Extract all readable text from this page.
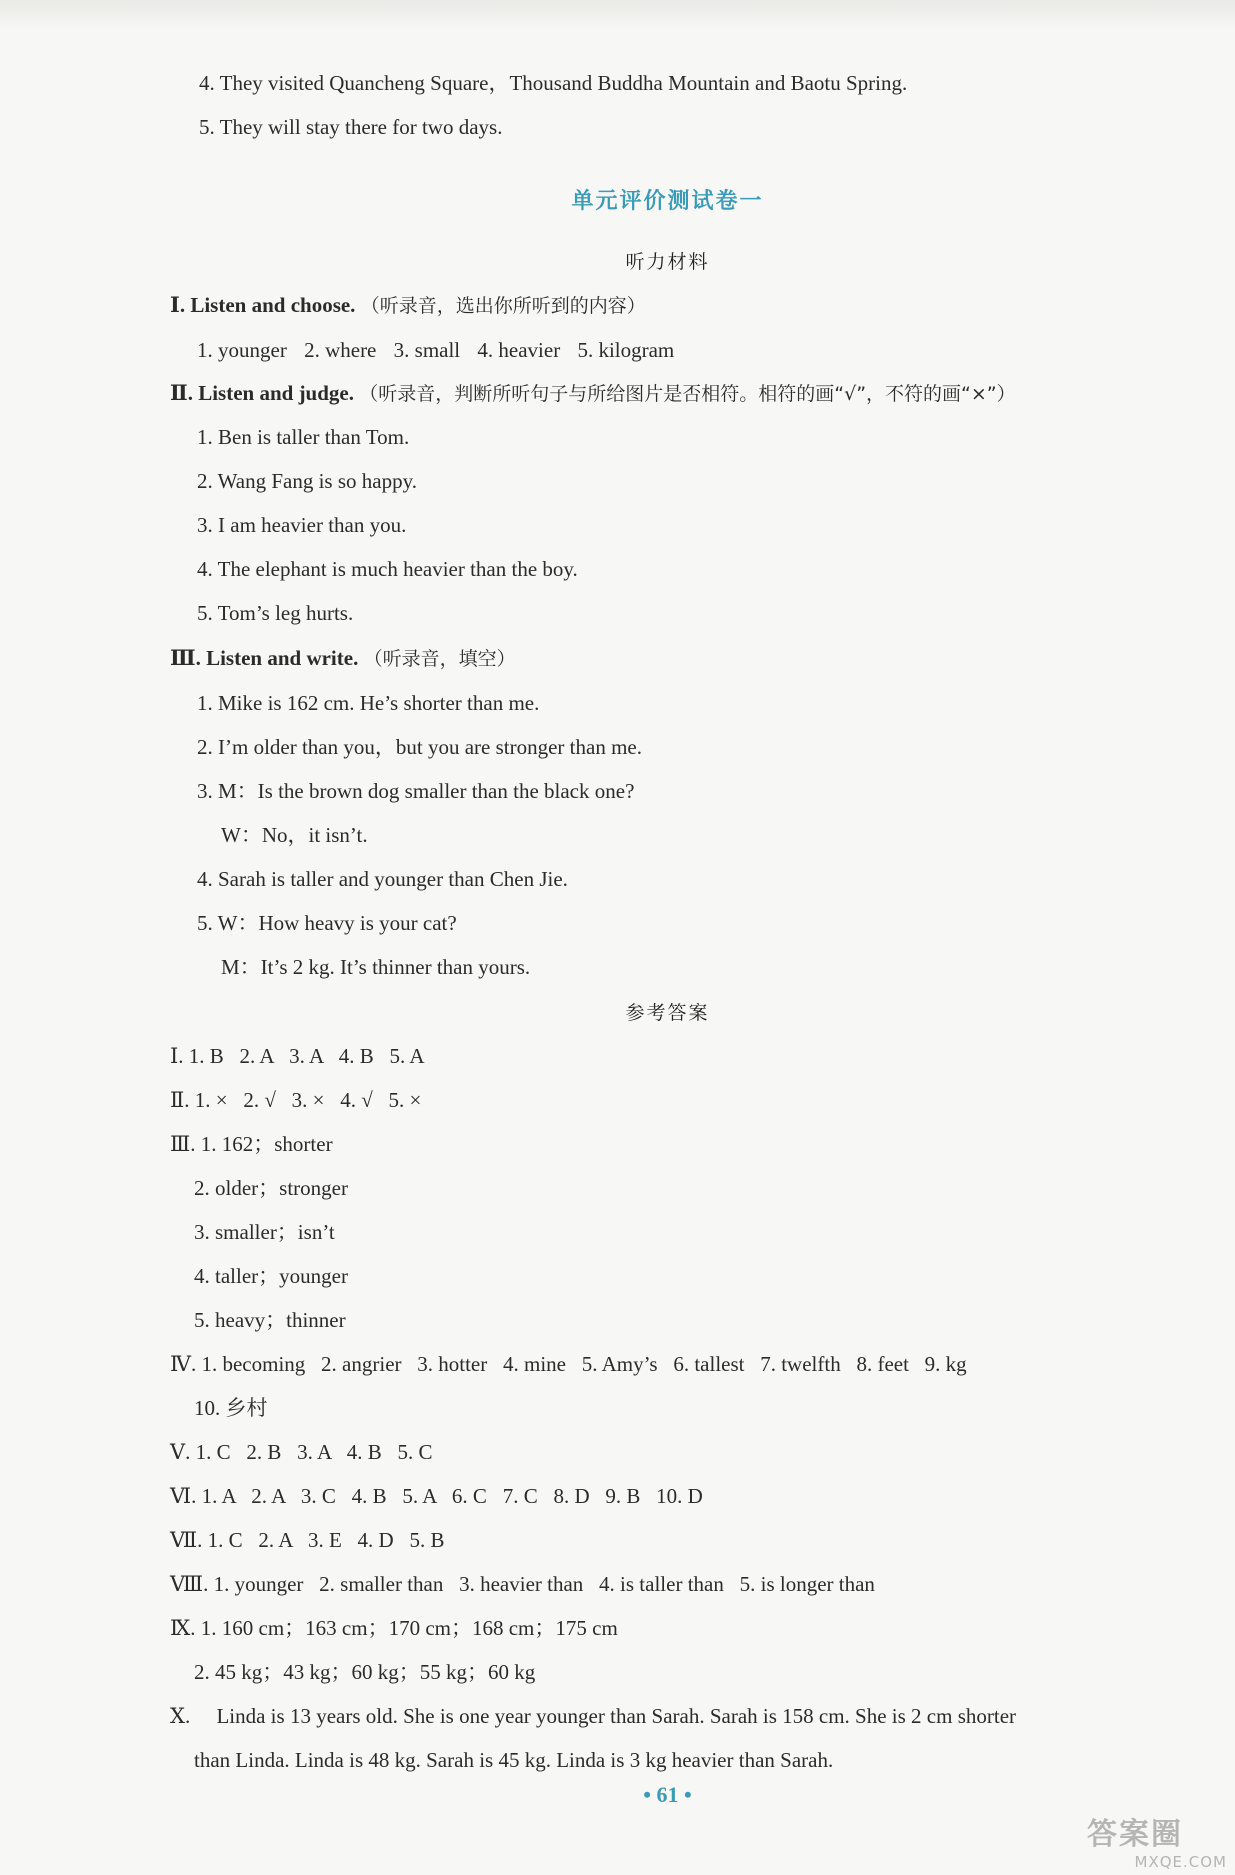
4. They visited Quancheng Square，Thousand Buddha Mountain and Baotu Spring.
5. They will stay there for two days.
单元评价测试卷一
听力材料
Ⅰ. Listen and choose. （听录音，选出你所听到的内容）
1. younger 2. where 3. small 4. heavier 5. kilogram
Ⅱ. Listen and judge. （听录音，判断所听句子与所给图片是否相符。相符的画“√”，不符的画“×”）
1. Ben is taller than Tom.
2. Wang Fang is so happy.
3. I am heavier than you.
4. The elephant is much heavier than the boy.
5. Tom’s leg hurts.
Ⅲ. Listen and write. （听录音，填空）
1. Mike is 162 cm. He’s shorter than me.
2. I’m older than you，but you are stronger than me.
3. M：Is the brown dog smaller than the black one?
W：No，it isn’t.
4. Sarah is taller and younger than Chen Jie.
5. W：How heavy is your cat?
M：It’s 2 kg. It’s thinner than yours.
参考答案
Ⅰ. 1. B   2. A   3. A   4. B   5. A
Ⅱ. 1. ×   2. √   3. ×   4. √   5. ×
Ⅲ. 1. 162；shorter
2. older；stronger
3. smaller；isn’t
4. taller；younger
5. heavy；thinner
Ⅳ. 1. becoming   2. angrier   3. hotter   4. mine   5. Amy’s   6. tallest   7. twelfth   8. feet   9. kg
10. 乡村
Ⅴ. 1. C   2. B   3. A   4. B   5. C
Ⅵ. 1. A   2. A   3. C   4. B   5. A   6. C   7. C   8. D   9. B   10. D
Ⅶ. 1. C   2. A   3. E   4. D   5. B
Ⅷ. 1. younger   2. smaller than   3. heavier than   4. is taller than   5. is longer than
Ⅸ. 1. 160 cm；163 cm；170 cm；168 cm；175 cm
2. 45 kg；43 kg；60 kg；55 kg；60 kg
Ⅹ.     Linda is 13 years old. She is one year younger than Sarah. Sarah is 158 cm. She is 2 cm shorter
than Linda. Linda is 48 kg. Sarah is 45 kg. Linda is 3 kg heavier than Sarah.
• 61 •
答案圈
MXQE.COM
